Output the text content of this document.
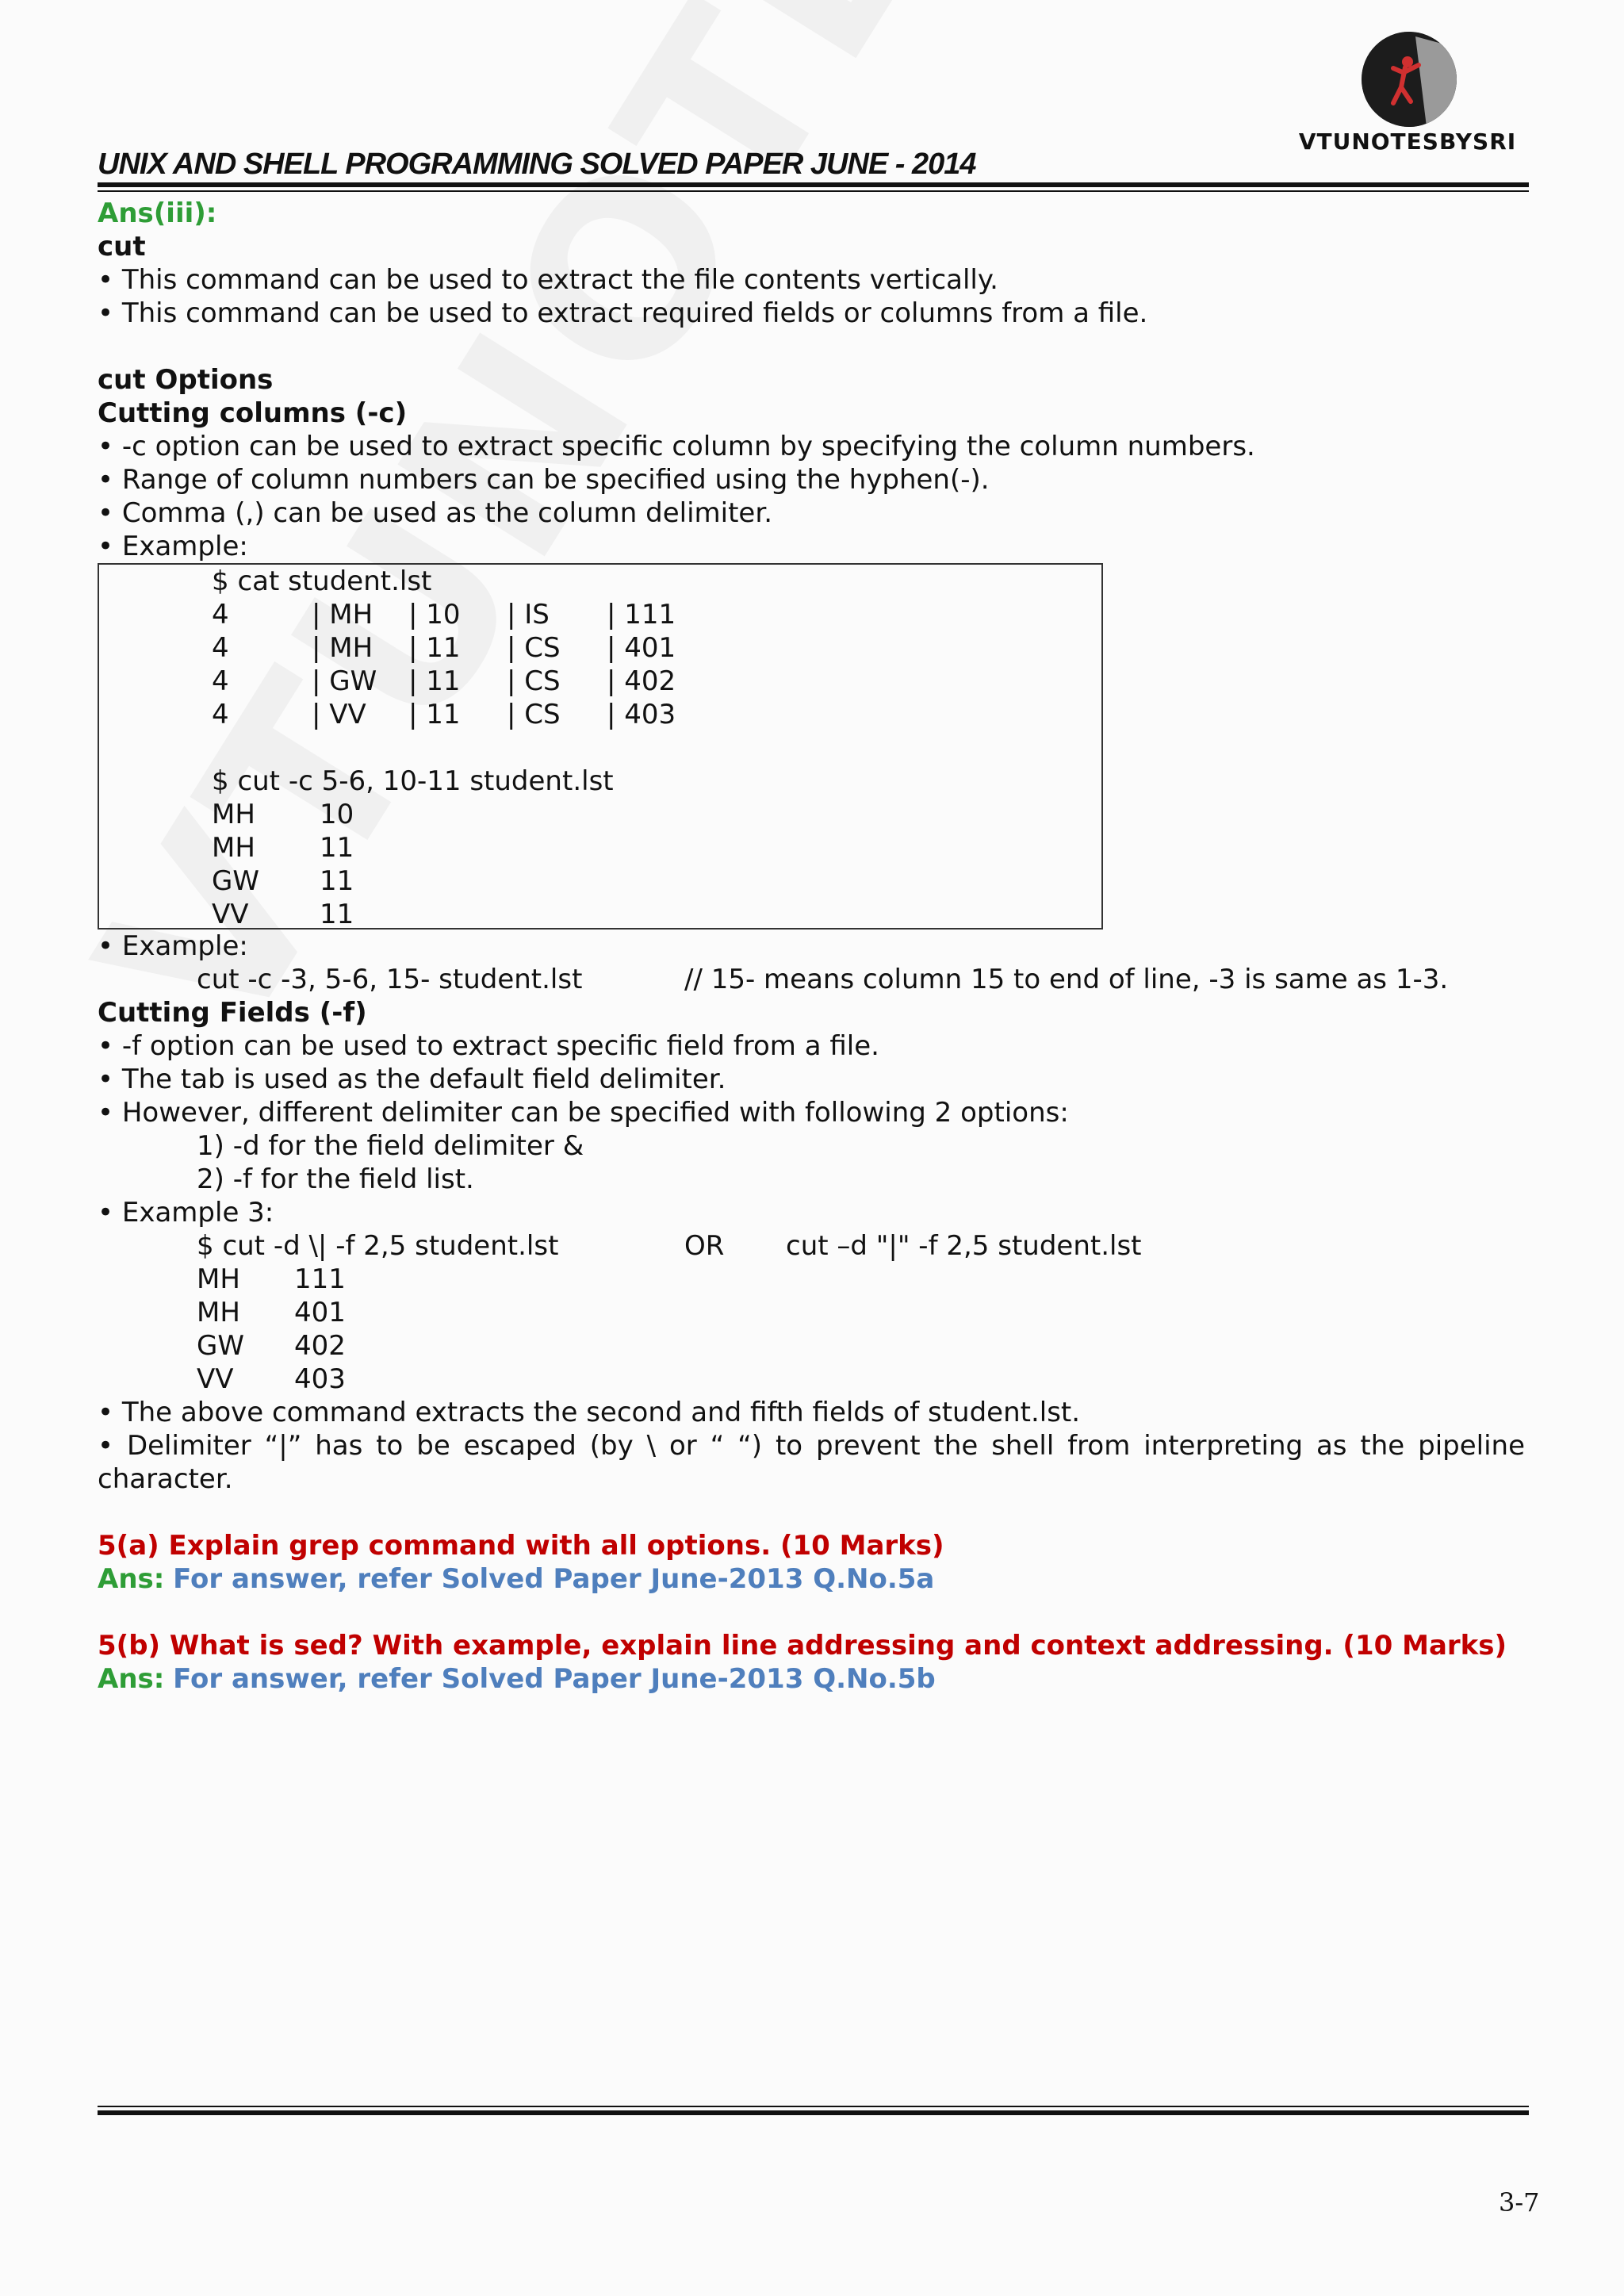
VTUNOTESBYSRI
UNIX AND SHELL PROGRAMMING SOLVED PAPER JUNE - 2014
Ans(iii):
cut
• This command can be used to extract the file contents vertically.
• This command can be used to extract required fields or columns from a file.
cut Options
Cutting columns (-c)
• -c option can be used to extract specific column by specifying the column numbers.
• Range of column numbers can be specified using the hyphen(-).
• Comma (,) can be used as the column delimiter.
• Example:
$ cat student.lst
4	| MH | 10 | IS | 111
4	| MH | 11 | CS | 401
4	| GW | 11 | CS | 402
4	| VV | 11 | CS | 403
$ cut -c 5-6, 10-11 student.lst
MH 10
MH 11
GW 11
VV	11
• Example:
cut -c -3, 5-6, 15- student.lst	// 15- means column 15 to end of line, -3 is same as 1-3.
Cutting Fields (-f)
• -f option can be used to extract specific field from a file.
• The tab is used as the default field delimiter.
• However, different delimiter can be specified with following 2 options:
1) -d for the field delimiter &
2) -f for the field list.
• Example 3:
$ cut -d \| -f 2,5 student.lst	OR cut –d "|" -f 2,5 student.lst
MH 111
MH 401
GW 402
VV 403
• The above command extracts the second and fifth fields of student.lst.
• Delimiter “|” has to be escaped (by \ or “ “) to prevent the shell from interpreting as the pipeline
character.
5(a) Explain grep command with all options. (10 Marks)
Ans: For answer, refer Solved Paper June-2013 Q.No.5a
5(b) What is sed? With example, explain line addressing and context addressing. (10 Marks)
Ans: For answer, refer Solved Paper June-2013 Q.No.5b
3-7
